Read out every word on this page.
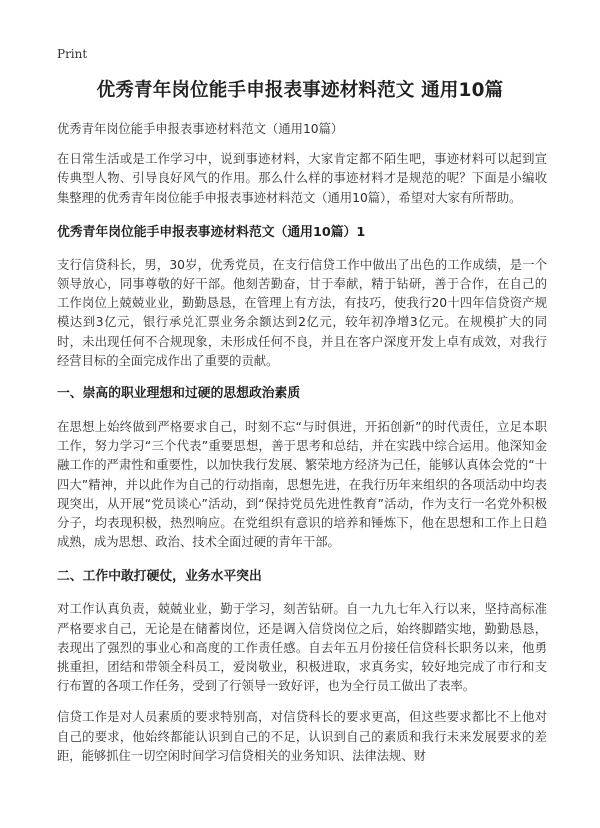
Print

优秀青年岗位能手申报表事迹材料范文 通用10篇

优秀青年岗位能手申报表事迹材料范文（通用10篇）

在日常生活或是工作学习中，说到事迹材料，大家肯定都不陌生吧，事迹材料可以起到宣传典型人物、引导良好风气的作用。那么什么样的事迹材料才是规范的呢？下面是小编收集整理的优秀青年岗位能手申报表事迹材料范文（通用10篇），希望对大家有所帮助。

优秀青年岗位能手申报表事迹材料范文（通用10篇）1

支行信贷科长，男，30岁，优秀党员，在支行信贷工作中做出了出色的工作成绩，是一个领导放心，同事尊敬的好干部。他刻苦勤奋，甘于奉献，精于钻研，善于合作，在自己的工作岗位上兢兢业业，勤勤恳恳，在管理上有方法，有技巧，使我行20十四年信贷资产规模达到3亿元，银行承兑汇票业务余额达到2亿元，较年初净增3亿元。在规模扩大的同时，未出现任何不合规现象，未形成任何不良，并且在客户深度开发上卓有成效，对我行经营目标的全面完成作出了重要的贡献。

一、崇高的职业理想和过硬的思想政治素质

在思想上始终做到严格要求自己，时刻不忘“与时俱进，开拓创新”的时代责任，立足本职工作，努力学习“三个代表”重要思想，善于思考和总结，并在实践中综合运用。他深知金融工作的严肃性和重要性，以加快我行发展、繁荣地方经济为己任，能够认真体会党的“十四大”精神，并以此作为自己的行动指南，思想先进，在我行历年来组织的各项活动中均表现突出，从开展“党员谈心”活动，到“保持党员先进性教育”活动，作为支行一名党外积极分子，均表现积极，热烈响应。在党组织有意识的培养和锤炼下，他在思想和工作上日趋成熟，成为思想、政治、技术全面过硬的青年干部。

二、工作中敢打硬仗，业务水平突出

对工作认真负责，兢兢业业，勤于学习，刻苦钻研。自一九九七年入行以来，坚持高标准严格要求自己，无论是在储蓄岗位，还是调入信贷岗位之后，始终脚踏实地，勤勤恳恳，表现出了强烈的事业心和高度的工作责任感。自去年五月份接任信贷科长职务以来，他勇挑重担，团结和带领全科员工，爱岗敬业，积极进取，求真务实，较好地完成了市行和支行布置的各项工作任务，受到了行领导一致好评，也为全行员工做出了表率。

信贷工作是对人员素质的要求特别高，对信贷科长的要求更高，但这些要求都比不上他对自己的要求，他始终都能认识到自己的不足，认识到自己的素质和我行未来发展要求的差距，能够抓住一切空闲时间学习信贷相关的业务知识、法律法规、财
